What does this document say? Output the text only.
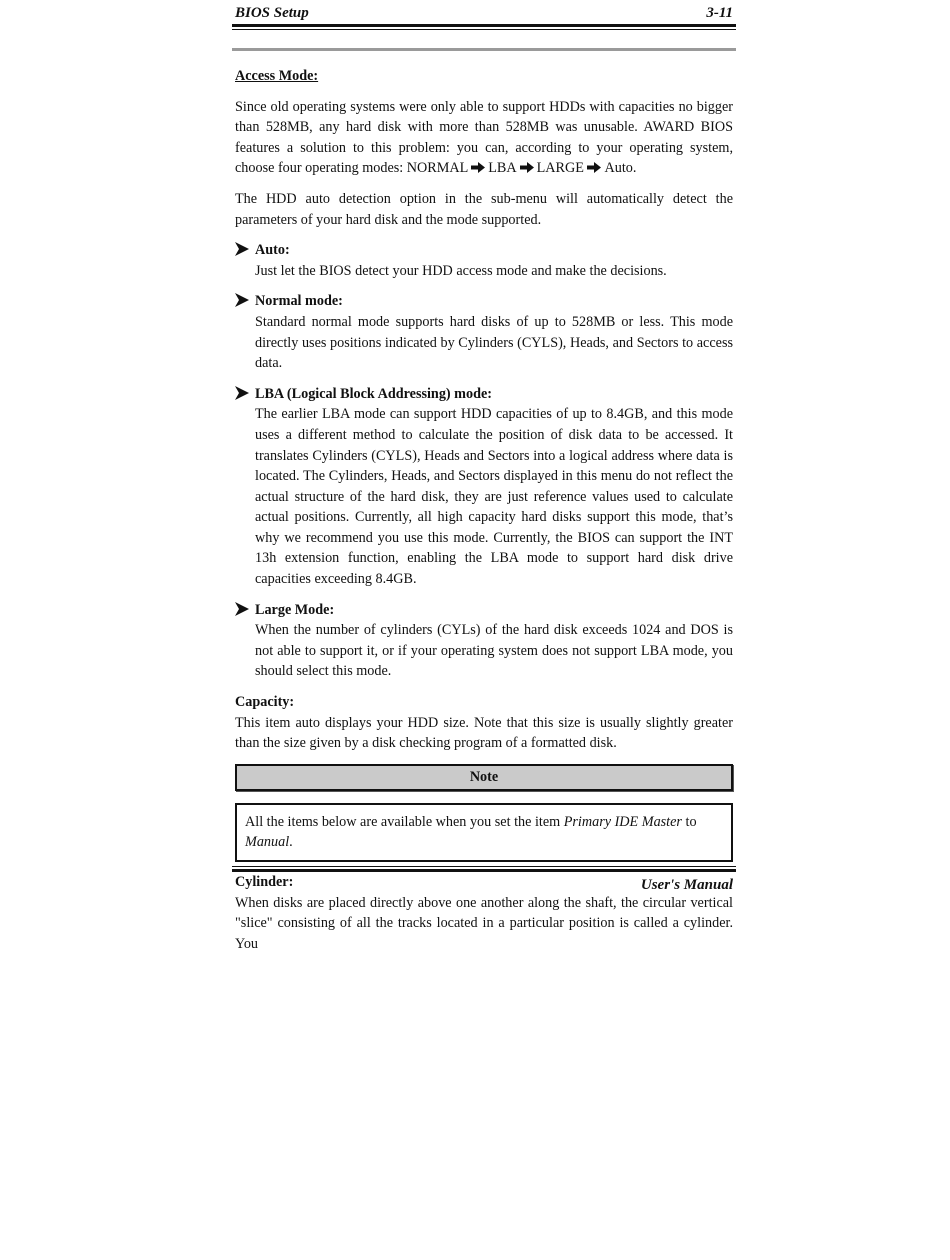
BIOS Setup	3-11

Access Mode:

Since old operating systems were only able to support HDDs with capacities no bigger than 528MB, any hard disk with more than 528MB was unusable. AWARD BIOS features a solution to this problem: you can, according to your operating system, choose four operating modes: NORMAL LBA LARGE Auto.

The HDD auto detection option in the sub-menu will automatically detect the parameters of your hard disk and the mode supported.

Auto:
Just let the BIOS detect your HDD access mode and make the decisions.
Normal mode:
Standard normal mode supports hard disks of up to 528MB or less. This mode directly uses positions indicated by Cylinders (CYLS), Heads, and Sectors to access data.
LBA (Logical Block Addressing) mode:
The earlier LBA mode can support HDD capacities of up to 8.4GB, and this mode uses a different method to calculate the position of disk data to be accessed. It translates Cylinders (CYLS), Heads and Sectors into a logical address where data is located. The Cylinders, Heads, and Sectors displayed in this menu do not reflect the actual structure of the hard disk, they are just reference values used to calculate actual positions. Currently, all high capacity hard disks support this mode, that’s why we recommend you use this mode. Currently, the BIOS can support the INT 13h extension function, enabling the LBA mode to support hard disk drive capacities exceeding 8.4GB.
Large Mode:
When the number of cylinders (CYLs) of the hard disk exceeds 1024 and DOS is not able to support it, or if your operating system does not support LBA mode, you should select this mode.

Capacity:

This item auto displays your HDD size. Note that this size is usually slightly greater than the size given by a disk checking program of a formatted disk.

Note
All the items below are available when you set the item Primary IDE Master to Manual.

Cylinder:

When disks are placed directly above one another along the shaft, the circular vertical "slice" consisting of all the tracks located in a particular position is called a cylinder. You

User's Manual
